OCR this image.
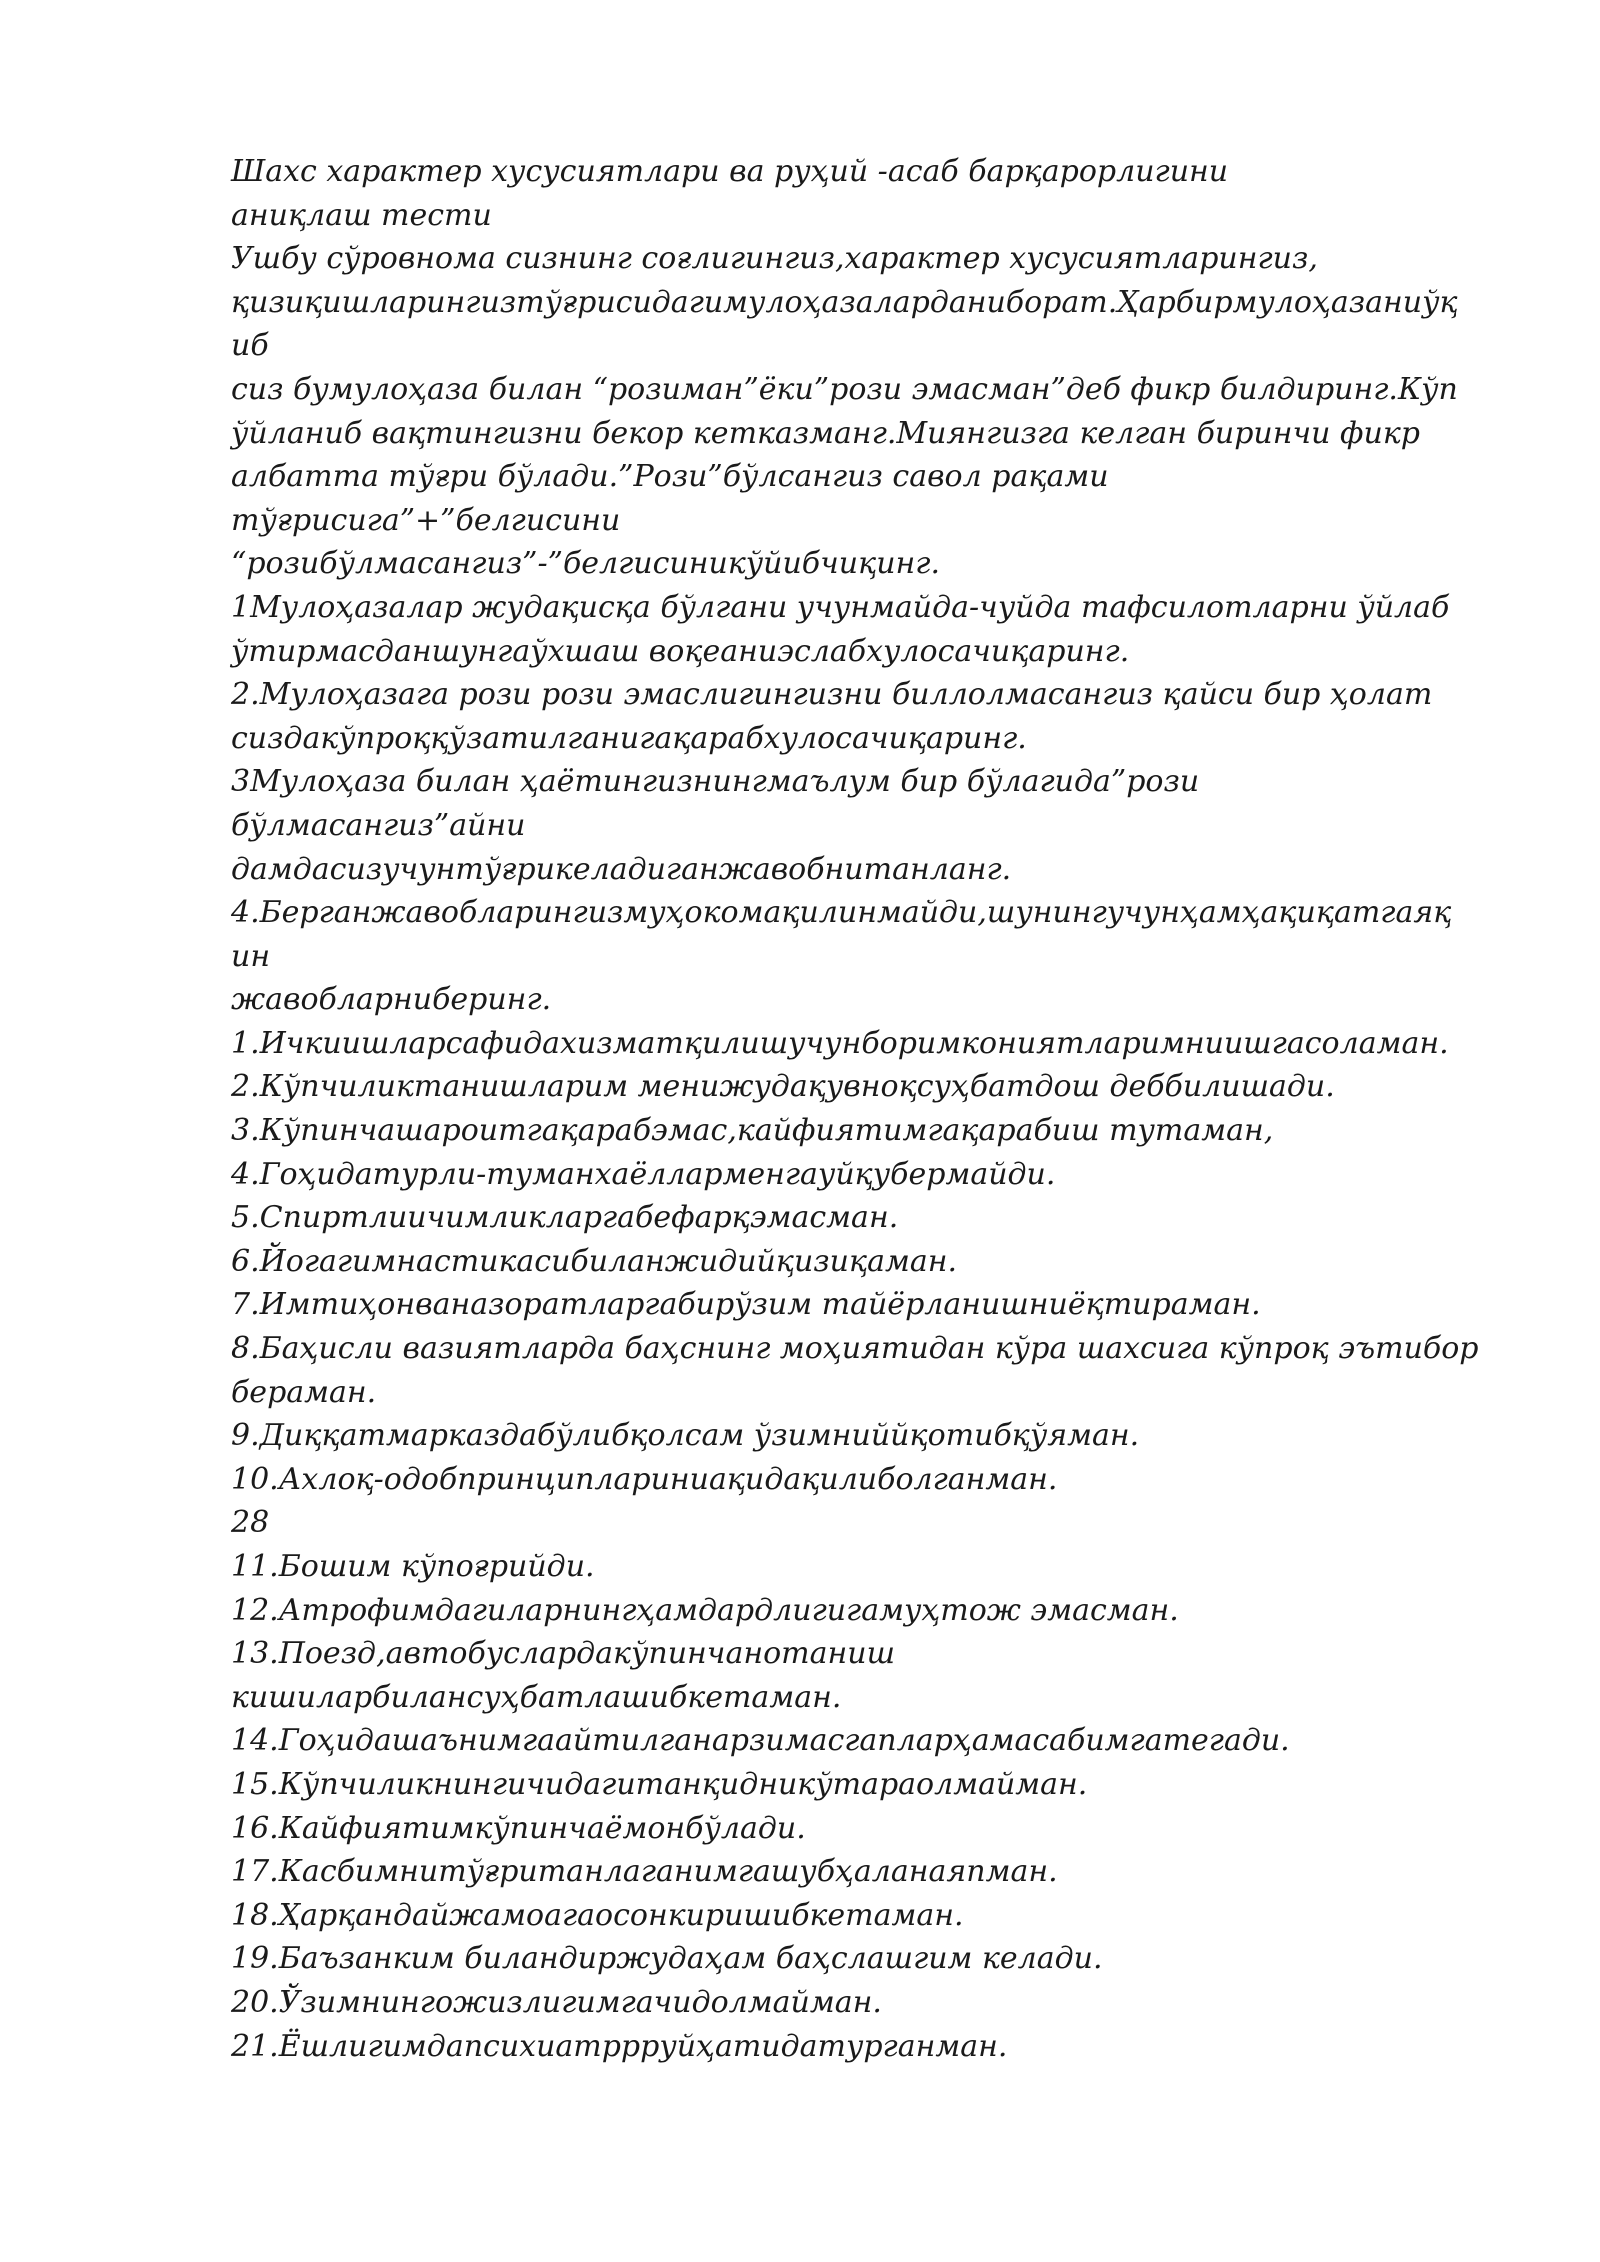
Шахс характер хусусиятлари ва руҳий -асаб барқарорлигини
аниқлаш тести
Ушбу сўровнома сизнинг соғлигингиз,характер хусусиятларингиз,
қизиқишларингизтўғрисидагимулоҳазаларданиборат.Ҳарбирмулоҳазаниўқ
иб
сиз бумулоҳаза билан “розиман”ёки”рози эмасман”деб фикр билдиринг.Кўп
ўйланиб вақтингизни бекор кетказманг.Миянгизга келган биринчи фикр
албатта тўғри бўлади.”Рози”бўлсангиз савол рақами
тўғрисига”+”белгисини
“розибўлмасангиз”-”белгисиникўйибчиқинг.
1Мулоҳазалар жудақисқа бўлгани учунмайда-чуйда тафсилотларни ўйлаб
ўтирмасданшунгаўхшаш воқеаниэслабхулосачиқаринг.
2.Мулоҳазага рози рози эмаслигингизни биллолмасангиз қайси бир ҳолат
сиздакўпроққўзатилганигақарабхулосачиқаринг.
3Мулоҳаза билан ҳаётингизнингмаълум бир бўлагида”рози
бўлмасангиз”айни
дамдасизучунтўғрикеладиганжавобнитанланг.
4.Берганжавобларингизмуҳокомақилинмайди,шунингучунҳамҳақиқатгаяқ
ин
жавобларниберинг.
1.Ичкиишларсафидахизматқилишучунборимкониятларимниишгасоламан.
2.Кўпчиликтанишларим менижудақувноқсуҳбатдош деббилишади.
3.Кўпинчашароитгақарабэмас,кайфиятимгақарабиш тутаман,
4.Гоҳидатурли-туманхаёлларменгауйқубермайди.
5.Спиртлиичимликларгабефарқэмасман.
6.Йогагимнастикасибиланжидийқизиқаман.
7.Имтиҳонваназоратларгабирўзим тайёрланишниёқтираман.
8.Баҳисли вазиятларда баҳснинг моҳиятидан кўра шахсига кўпроқ эътибор
бераман.
9.Диққатмарказдабўлибқолсам ўзимниййқотибқўяман.
10.Ахлоқ-одобпринциплариниақидақилиболганман.
28
11.Бошим кўпоғрийди.
12.Атрофимдагиларнингҳамдардлигигамуҳтож эмасман.
13.Поезд,автобуслардакўпинчанотаниш
кишиларбилансуҳбатлашибкетаман.
14.Гоҳидашаънимгаайтилганарзимасгапларҳамасабимгатегади.
15.Кўпчиликнингичидагитанқидникўтараолмайман.
16.Кайфиятимкўпинчаёмонбўлади.
17.Касбимнитўғританлаганимгашубҳаланаяпман.
18.Ҳарқандайжамоагаосонкиришибкетаман.
19.Баъзанким биландиржудаҳам баҳслашгим келади.
20.Ўзимнингожизлигимгачидолмайман.
21.Ёшлигимдапсихиатррруйҳатидатурганман.
